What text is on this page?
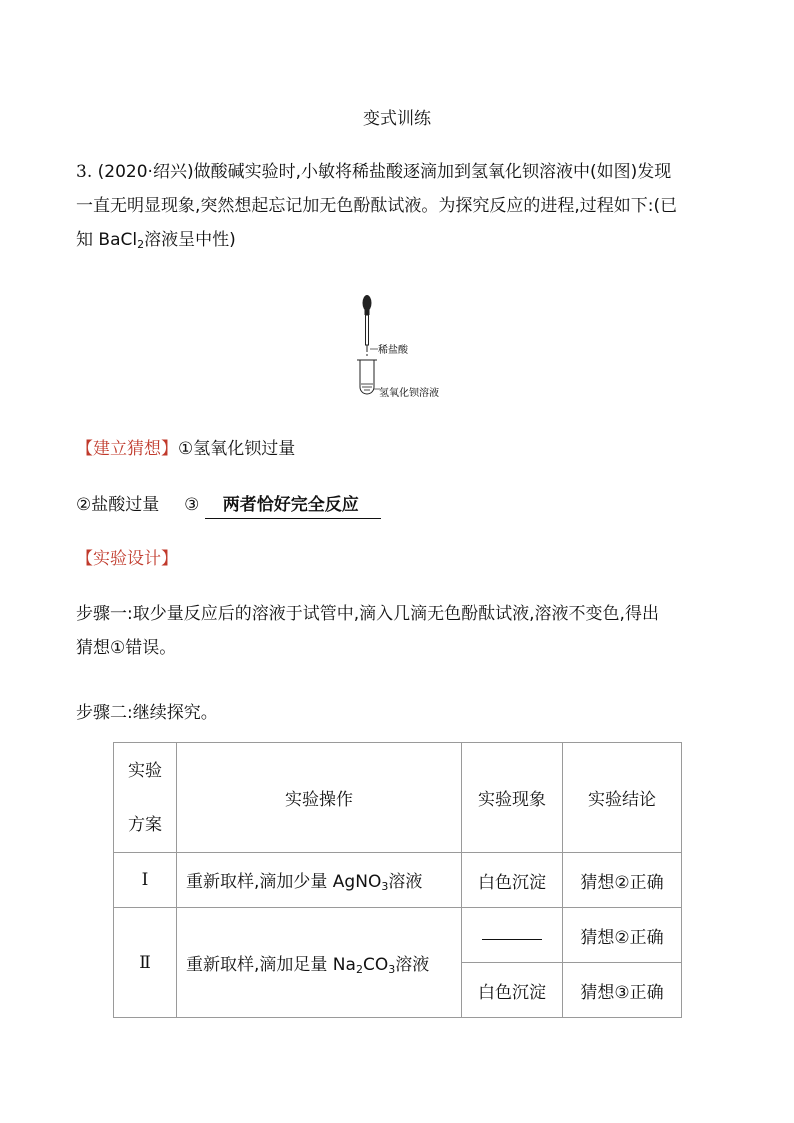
变式训练
3. (2020·绍兴)做酸碱实验时,小敏将稀盐酸逐滴加到氢氧化钡溶液中(如图)发现
一直无明显现象,突然想起忘记加无色酚酞试液。为探究反应的进程,过程如下:(已
知 BaCl$_2$溶液呈中性)
稀盐酸
氢氧化钡溶液
【建立猜想】①氢氧化钡过量
②盐酸过量 ③ 两者恰好完全反应
【实验设计】
步骤一:取少量反应后的溶液于试管中,滴入几滴无色酚酞试液,溶液不变色,得出
猜想①错误。
步骤二:继续探究。
实验
方案	实验操作	实验现象	实验结论
Ⅰ	重新取样,滴加少量 AgNO$_3$溶液	白色沉淀	猜想②正确
Ⅱ	重新取样,滴加足量 $Na_2CO_3$溶液		猜想②正确
		白色沉淀	猜想③正确
